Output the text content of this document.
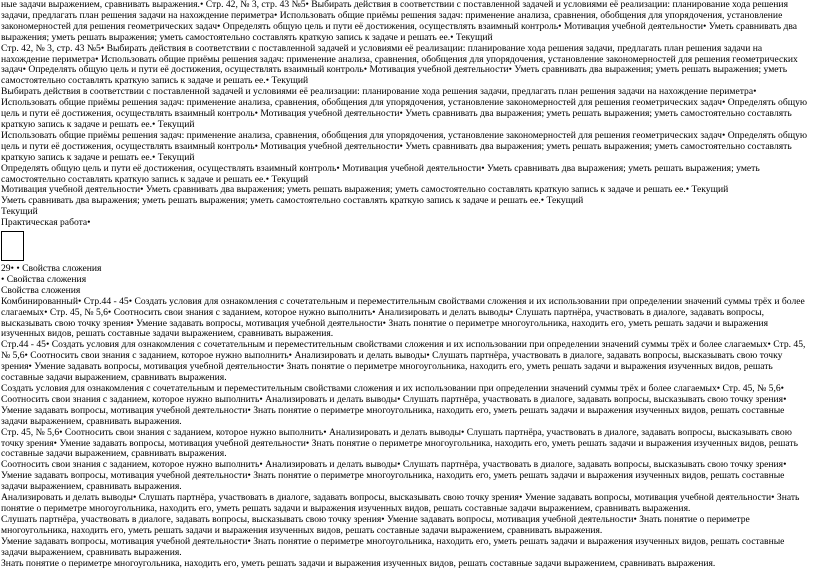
ные задачи выражением, сравнивать выражения.• Стр. 42, № 3, стр. 43 №5• Выбирать действия в соответствии с поставленной задачей и условиями её реализации: планирование хода решения задачи, предлагать план решения задачи на нахождение периметра• Использовать общие приёмы решения задач: применение анализа, сравнения, обобщения для упорядочения, установление закономерностей для решения геометрических задач• Определять общую цель и пути её достижения, осуществлять взаимный контроль• Мотивация учебной деятельности• Уметь сравнивать два выражения; уметь решать выражения; уметь самостоятельно составлять краткую запись к задаче и решать ее.• Текущий

Стр. 42, № 3, стр. 43 №5• Выбирать действия в соответствии с поставленной задачей и условиями её реализации: планирование хода решения задачи, предлагать план решения задачи на нахождение периметра• Использовать общие приёмы решения задач: применение анализа, сравнения, обобщения для упорядочения, установление закономерностей для решения геометрических задач• Определять общую цель и пути её достижения, осуществлять взаимный контроль• Мотивация учебной деятельности• Уметь сравнивать два выражения; уметь решать выражения; уметь самостоятельно составлять краткую запись к задаче и решать ее.• Текущий

Выбирать действия в соответствии с поставленной задачей и условиями её реализации: планирование хода решения задачи, предлагать план решения задачи на нахождение периметра• Использовать общие приёмы решения задач: применение анализа, сравнения, обобщения для упорядочения, установление закономерностей для решения геометрических задач• Определять общую цель и пути её достижения, осуществлять взаимный контроль• Мотивация учебной деятельности• Уметь сравнивать два выражения; уметь решать выражения; уметь самостоятельно составлять краткую запись к задаче и решать ее.• Текущий

Использовать общие приёмы решения задач: применение анализа, сравнения, обобщения для упорядочения, установление закономерностей для решения геометрических задач• Определять общую цель и пути её достижения, осуществлять взаимный контроль• Мотивация учебной деятельности• Уметь сравнивать два выражения; уметь решать выражения; уметь самостоятельно составлять краткую запись к задаче и решать ее.• Текущий

Определять общую цель и пути её достижения, осуществлять взаимный контроль• Мотивация учебной деятельности• Уметь сравнивать два выражения; уметь решать выражения; уметь самостоятельно составлять краткую запись к задаче и решать ее.• Текущий

Мотивация учебной деятельности• Уметь сравнивать два выражения; уметь решать выражения; уметь самостоятельно составлять краткую запись к задаче и решать ее.• Текущий

Уметь сравнивать два выражения; уметь решать выражения; уметь самостоятельно составлять краткую запись к задаче и решать ее.• Текущий

Текущий

Практическая работа•

29• • Свойства сложения

• Свойства сложения

Свойства сложения

Комбинированный• Стр.44 - 45• Создать условия для ознакомления с сочетательным и переместительным свойствами сложения и их использовании при определении значений суммы трёх и более слагаемых• Стр. 45, № 5,6• Соотносить свои знания с заданием, которое нужно выполнить• Анализировать и делать выводы• Слушать партнёра, участвовать в диалоге, задавать вопросы, высказывать свою точку зрения• Умение задавать вопросы, мотивация учебной деятельности• Знать понятие о периметре многоугольника, находить его, уметь решать задачи и выражения изученных видов, решать составные задачи выражением, сравнивать выражения.

Стр.44 - 45• Создать условия для ознакомления с сочетательным и переместительным свойствами сложения и их использовании при определении значений суммы трёх и более слагаемых• Стр. 45, № 5,6• Соотносить свои знания с заданием, которое нужно выполнить• Анализировать и делать выводы• Слушать партнёра, участвовать в диалоге, задавать вопросы, высказывать свою точку зрения• Умение задавать вопросы, мотивация учебной деятельности• Знать понятие о периметре многоугольника, находить его, уметь решать задачи и выражения изученных видов, решать составные задачи выражением, сравнивать выражения.

Создать условия для ознакомления с сочетательным и переместительным свойствами сложения и их использовании при определении значений суммы трёх и более слагаемых• Стр. 45, № 5,6• Соотносить свои знания с заданием, которое нужно выполнить• Анализировать и делать выводы• Слушать партнёра, участвовать в диалоге, задавать вопросы, высказывать свою точку зрения• Умение задавать вопросы, мотивация учебной деятельности• Знать понятие о периметре многоугольника, находить его, уметь решать задачи и выражения изученных видов, решать составные задачи выражением, сравнивать выражения.

Стр. 45, № 5,6• Соотносить свои знания с заданием, которое нужно выполнить• Анализировать и делать выводы• Слушать партнёра, участвовать в диалоге, задавать вопросы, высказывать свою точку зрения• Умение задавать вопросы, мотивация учебной деятельности• Знать понятие о периметре многоугольника, находить его, уметь решать задачи и выражения изученных видов, решать составные задачи выражением, сравнивать выражения.

Соотносить свои знания с заданием, которое нужно выполнить• Анализировать и делать выводы• Слушать партнёра, участвовать в диалоге, задавать вопросы, высказывать свою точку зрения• Умение задавать вопросы, мотивация учебной деятельности• Знать понятие о периметре многоугольника, находить его, уметь решать задачи и выражения изученных видов, решать составные задачи выражением, сравнивать выражения.

Анализировать и делать выводы• Слушать партнёра, участвовать в диалоге, задавать вопросы, высказывать свою точку зрения• Умение задавать вопросы, мотивация учебной деятельности• Знать понятие о периметре многоугольника, находить его, уметь решать задачи и выражения изученных видов, решать составные задачи выражением, сравнивать выражения.

Слушать партнёра, участвовать в диалоге, задавать вопросы, высказывать свою точку зрения• Умение задавать вопросы, мотивация учебной деятельности• Знать понятие о периметре многоугольника, находить его, уметь решать задачи и выражения изученных видов, решать составные задачи выражением, сравнивать выражения.

Умение задавать вопросы, мотивация учебной деятельности• Знать понятие о периметре многоугольника, находить его, уметь решать задачи и выражения изученных видов, решать составные задачи выражением, сравнивать выражения.

Знать понятие о периметре многоугольника, находить его, уметь решать задачи и выражения изученных видов, решать составные задачи выражением, сравнивать выражения.
